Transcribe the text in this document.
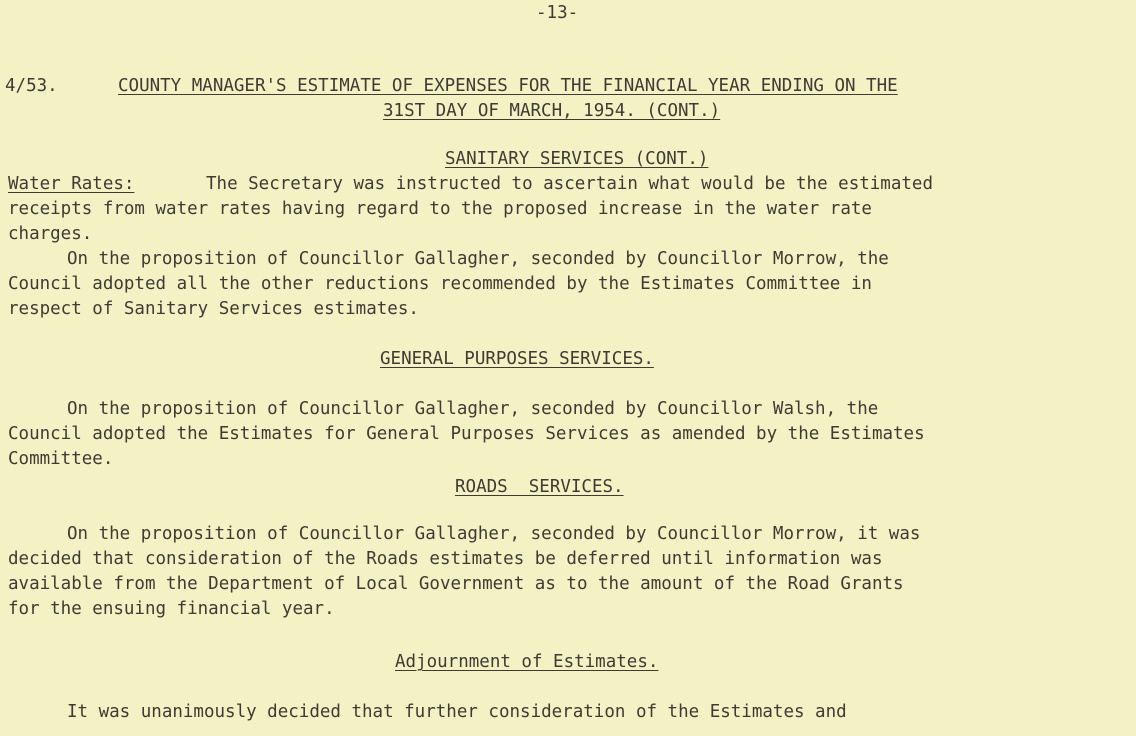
-13-
4/53.	COUNTY MANAGER'S ESTIMATE OF EXPENSES FOR THE FINANCIAL YEAR ENDING ON THE
31ST DAY OF MARCH, 1954. (CONT.)
SANITARY SERVICES (CONT.)
Water Rates:	The Secretary was instructed to ascertain what would be the estimated
receipts from water rates having regard to the proposed increase in the water rate
charges.
On the proposition of Councillor Gallagher, seconded by Councillor Morrow, the
Council adopted all the other reductions recommended by the Estimates Committee in
respect of Sanitary Services estimates.
GENERAL PURPOSES SERVICES.
On the proposition of Councillor Gallagher, seconded by Councillor Walsh, the
Council adopted the Estimates for General Purposes Services as amended by the Estimates
Committee.
ROADS  SERVICES.
On the proposition of Councillor Gallagher, seconded by Councillor Morrow, it was
decided that consideration of the Roads estimates be deferred until information was
available from the Department of Local Government as to the amount of the Road Grants
for the ensuing financial year.
Adjournment of Estimates.
It was unanimously decided that further consideration of the Estimates and
